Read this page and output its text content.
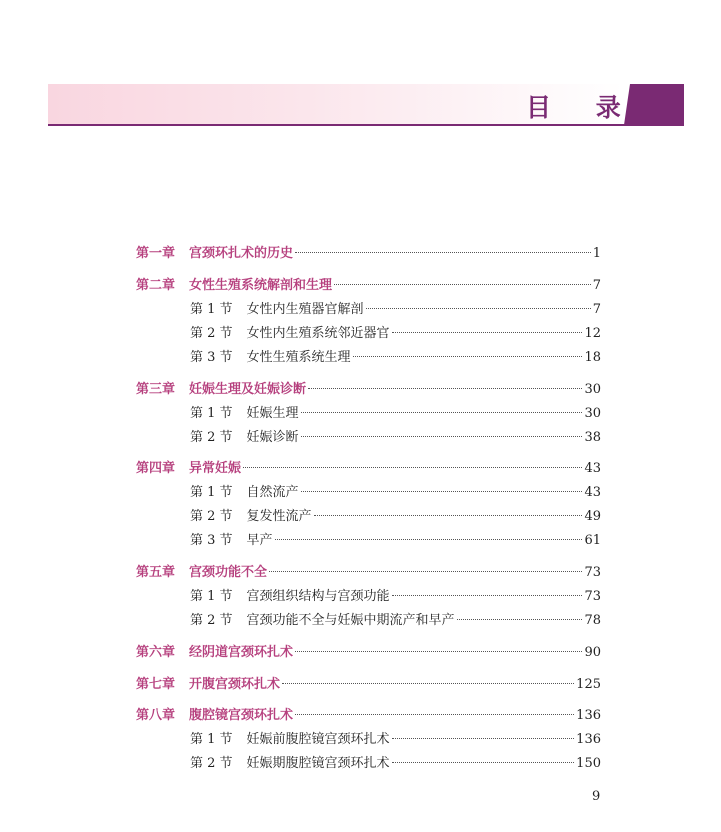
目 录
第一章 宫颈环扎术的历史	1
第二章 女性生殖系统解剖和生理	7
第 1 节 女性内生殖器官解剖	7
第 2 节 女性内生殖系统邻近器官	12
第 3 节 女性生殖系统生理	18
第三章 妊娠生理及妊娠诊断	30
第 1 节 妊娠生理	30
第 2 节 妊娠诊断	38
第四章 异常妊娠	43
第 1 节 自然流产	43
第 2 节 复发性流产	49
第 3 节 早产	61
第五章 宫颈功能不全	73
第 1 节 宫颈组织结构与宫颈功能	73
第 2 节 宫颈功能不全与妊娠中期流产和早产	78
第六章 经阴道宫颈环扎术	90
第七章 开腹宫颈环扎术	125
第八章 腹腔镜宫颈环扎术	136
第 1 节 妊娠前腹腔镜宫颈环扎术	136
第 2 节 妊娠期腹腔镜宫颈环扎术	150
9
